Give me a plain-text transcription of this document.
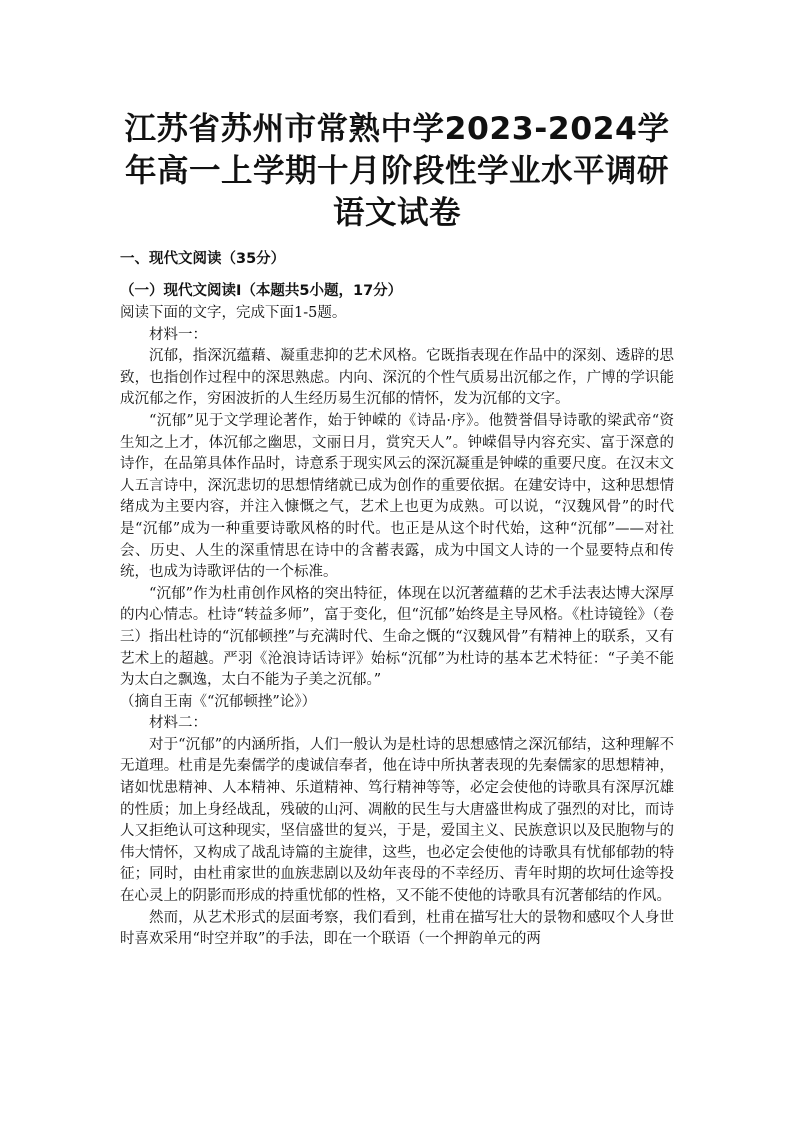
江苏省苏州市常熟中学2023-2024学年高一上学期十月阶段性学业水平调研语文试卷
一、现代文阅读（35分）
（一）现代文阅读Ⅰ（本题共5小题，17分）

阅读下面的文字，完成下面1-5题。

材料一：

沉郁，指深沉蕴藉、凝重悲抑的艺术风格。它既指表现在作品中的深刻、透辟的思致，也指创作过程中的深思熟虑。内向、深沉的个性气质易出沉郁之作，广博的学识能成沉郁之作，穷困波折的人生经历易生沉郁的情怀，发为沉郁的文字。

“沉郁”见于文学理论著作，始于钟嵘的《诗品·序》。他赞誉倡导诗歌的梁武帝“资生知之上才，体沉郁之幽思，文丽日月，赏究天人”。钟嵘倡导内容充实、富于深意的诗作，在品第具体作品时，诗意系于现实风云的深沉凝重是钟嵘的重要尺度。在汉末文人五言诗中，深沉悲切的思想情绪就已成为创作的重要依据。在建安诗中，这种思想情绪成为主要内容，并注入慷慨之气，艺术上也更为成熟。可以说，“汉魏风骨”的时代是“沉郁”成为一种重要诗歌风格的时代。也正是从这个时代始，这种“沉郁”——对社会、历史、人生的深重情思在诗中的含蓄表露，成为中国文人诗的一个显要特点和传统，也成为诗歌评估的一个标准。

“沉郁”作为杜甫创作风格的突出特征，体现在以沉著蕴藉的艺术手法表达博大深厚的内心情志。杜诗“转益多师”，富于变化，但“沉郁”始终是主导风格。《杜诗镜铨》（卷三）指出杜诗的“沉郁顿挫”与充满时代、生命之慨的“汉魏风骨”有精神上的联系，又有艺术上的超越。严羽《沧浪诗话诗评》始标“沉郁”为杜诗的基本艺术特征：“子美不能为太白之飘逸，太白不能为子美之沉郁。”

（摘自王南《“沉郁顿挫”论》）

材料二：

对于“沉郁”的内涵所指，人们一般认为是杜诗的思想感情之深沉郁结，这种理解不无道理。杜甫是先秦儒学的虔诚信奉者，他在诗中所执著表现的先秦儒家的思想精神，诸如忧患精神、人本精神、乐道精神、笃行精神等等，必定会使他的诗歌具有深厚沉雄的性质；加上身经战乱，残破的山河、凋敝的民生与大唐盛世构成了强烈的对比，而诗人又拒绝认可这种现实，坚信盛世的复兴，于是，爱国主义、民族意识以及民胞物与的伟大情怀，又构成了战乱诗篇的主旋律，这些，也必定会使他的诗歌具有忧郁郁勃的特征；同时，由杜甫家世的血族悲剧以及幼年丧母的不幸经历、青年时期的坎坷仕途等投在心灵上的阴影而形成的持重忧郁的性格，又不能不使他的诗歌具有沉著郁结的作风。

然而，从艺术形式的层面考察，我们看到，杜甫在描写壮大的景物和感叹个人身世时喜欢采用“时空并取”的手法，即在一个联语（一个押韵单元的两
